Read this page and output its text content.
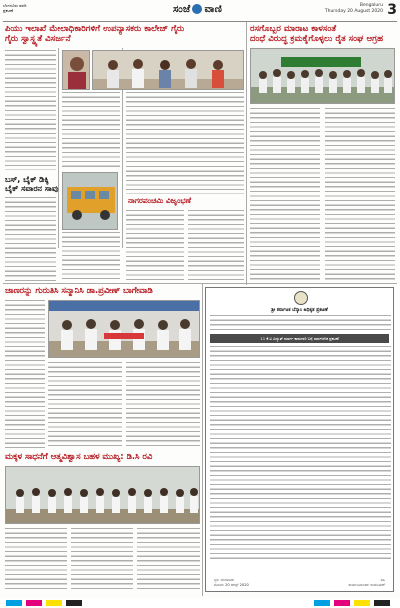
ಬೆಂಗಳೂರು ವರದಿ
ಪ್ರಕಟಣೆ	ಸಂಜೆ ವಾಣಿ	Bengaluru
Thursday 20 August 2020 3
ಪಿಯು ಇಲಾಖೆ ಮೇಲಾಧಿಕಾರಿಗಳಿಗೆ ಉಪನ್ಯಾಸಕರು ಕಾಲೇಜ್ ಗೈರು
ಗೈರು ಸ್ವಾಸ್ಥ್ಯತೆ ವಿಸರ್ಜನೆ
ರಸಗೊಬ್ಬರ ಮಾರಾಟ ಕಾಳಸಂತೆ
ದಂಧೆ ವಿರುದ್ಧ ಕ್ರಮಕೈಗೊಳ್ಳಲು ರೈತ ಸಂಘ ಆಗ್ರಹ
ಬಸ್, ಬೈಕ್ ಡಿಕ್ಕಿ
ಬೈಕ್ ಸವಾರನ ಸಾವು
ನಾಗರಪಂಚಮಿ ವಿಜೃಂಭಣೆ
ಜಾಣರನ್ನು ಗುರುತಿಸಿ ಸನ್ಮಾನಿಸಿ ಡಾ.ಪ್ರವೀಣ್ ಬಾಗೇವಾಡಿ
ಮಕ್ಕಳ ಸಾಧನೆಗೆ ಆತ್ಮವಿಶ್ವಾಸ ಬಹಳ ಮುಖ್ಯ: ಡಿ.ಸಿ ರವಿ
ಶ್ರೀ ಕರ್ನಾಟಕ ಬೆಸ್ಕಾಂ ಅಧಿಕೃತ ಪ್ರಕಟಣೆ
11 ಕೆ.ವಿ ವಿದ್ಯುತ್ ಮಾರ್ಗ ಕಾಮಗಾರಿ ಬಗ್ಗೆ ಸಾರ್ವಜನಿಕ ಪ್ರಕಟಣೆ
ಸ್ಥಳ: ಬೆಂಗಳೂರು
ದಿನಾಂಕ: 20 ಆಗಸ್ಟ್ 2020
ಸಹಿ
ಕಾರ್ಯನಿರ್ವಾಹಕ ಇಂಜಿನಿಯರ್
